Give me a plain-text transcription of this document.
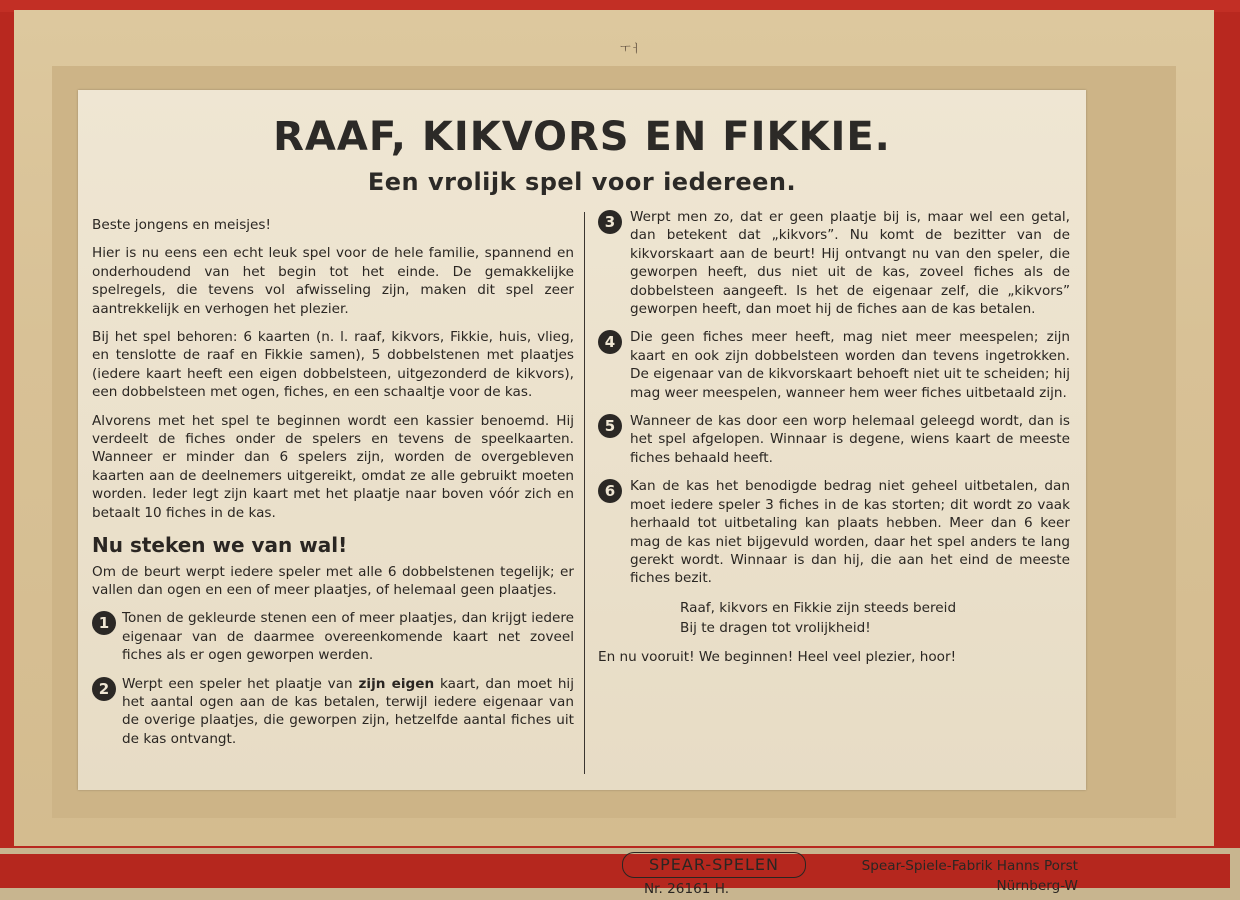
ㅜㅓ
RAAF, KIKVORS EN FIKKIE.
Een vrolijk spel voor iedereen.

Beste jongens en meisjes!

Hier is nu eens een echt leuk spel voor de hele familie, spannend en onderhoudend van het begin tot het einde. De gemakkelijke spelregels, die tevens vol afwisseling zijn, maken dit spel zeer aantrekkelijk en verhogen het plezier.

Bij het spel behoren: 6 kaarten (n. l. raaf, kikvors, Fikkie, huis, vlieg, en tenslotte de raaf en Fikkie samen), 5 dobbelstenen met plaatjes (iedere kaart heeft een eigen dobbelsteen, uitgezonderd de kikvors), een dobbelsteen met ogen, fiches, en een schaaltje voor de kas.

Alvorens met het spel te beginnen wordt een kassier benoemd. Hij verdeelt de fiches onder de spelers en tevens de speelkaarten. Wanneer er minder dan 6 spelers zijn, worden de overgebleven kaarten aan de deelnemers uitgereikt, omdat ze alle gebruikt moeten worden. Ieder legt zijn kaart met het plaatje naar boven vóór zich en betaalt 10 fiches in de kas.

Nu steken we van wal!

Om de beurt werpt iedere speler met alle 6 dobbelstenen tegelijk; er vallen dan ogen en een of meer plaatjes, of helemaal geen plaatjes.

1 Tonen de gekleurde stenen een of meer plaatjes, dan krijgt iedere eigenaar van de daarmee overeenkomende kaart net zoveel fiches als er ogen geworpen werden.
2 Werpt een speler het plaatje van zijn eigen kaart, dan moet hij het aantal ogen aan de kas betalen, terwijl iedere eigenaar van de overige plaatjes, die geworpen zijn, hetzelfde aantal fiches uit de kas ontvangt.
3	Werpt men zo, dat er geen plaatje bij is, maar wel een getal, dan betekent dat „kikvors”. Nu komt de bezitter van de kikvorskaart aan de beurt! Hij ontvangt nu van den speler, die geworpen heeft, dus niet uit de kas, zoveel fiches als de dobbelsteen aangeeft. Is het de eigenaar zelf, die „kikvors” geworpen heeft, dan moet hij de fiches aan de kas betalen.
4	Die geen fiches meer heeft, mag niet meer meespelen; zijn kaart en ook zijn dobbelsteen worden dan tevens ingetrokken. De eigenaar van de kikvorskaart behoeft niet uit te scheiden; hij mag weer meespelen, wanneer hem weer fiches uitbetaald zijn.
5	Wanneer de kas door een worp helemaal geleegd wordt, dan is het spel afgelopen. Winnaar is degene, wiens kaart de meeste fiches behaald heeft.
6	Kan de kas het benodigde bedrag niet geheel uitbetalen, dan moet iedere speler 3 fiches in de kas storten; dit wordt zo vaak herhaald tot uitbetaling kan plaats hebben. Meer dan 6 keer mag de kas niet bijgevuld worden, daar het spel anders te lang gerekt wordt. Winnaar is dan hij, die aan het eind de meeste fiches bezit.
Raaf, kikvors en Fikkie zijn steeds bereid
Bij te dragen tot vrolijkheid!
En nu vooruit! We beginnen! Heel veel plezier, hoor!
SPEAR-SPELEN
Nr. 26161 H.
Spear-Spiele-Fabrik Hanns Porst
Nürnberg-W
